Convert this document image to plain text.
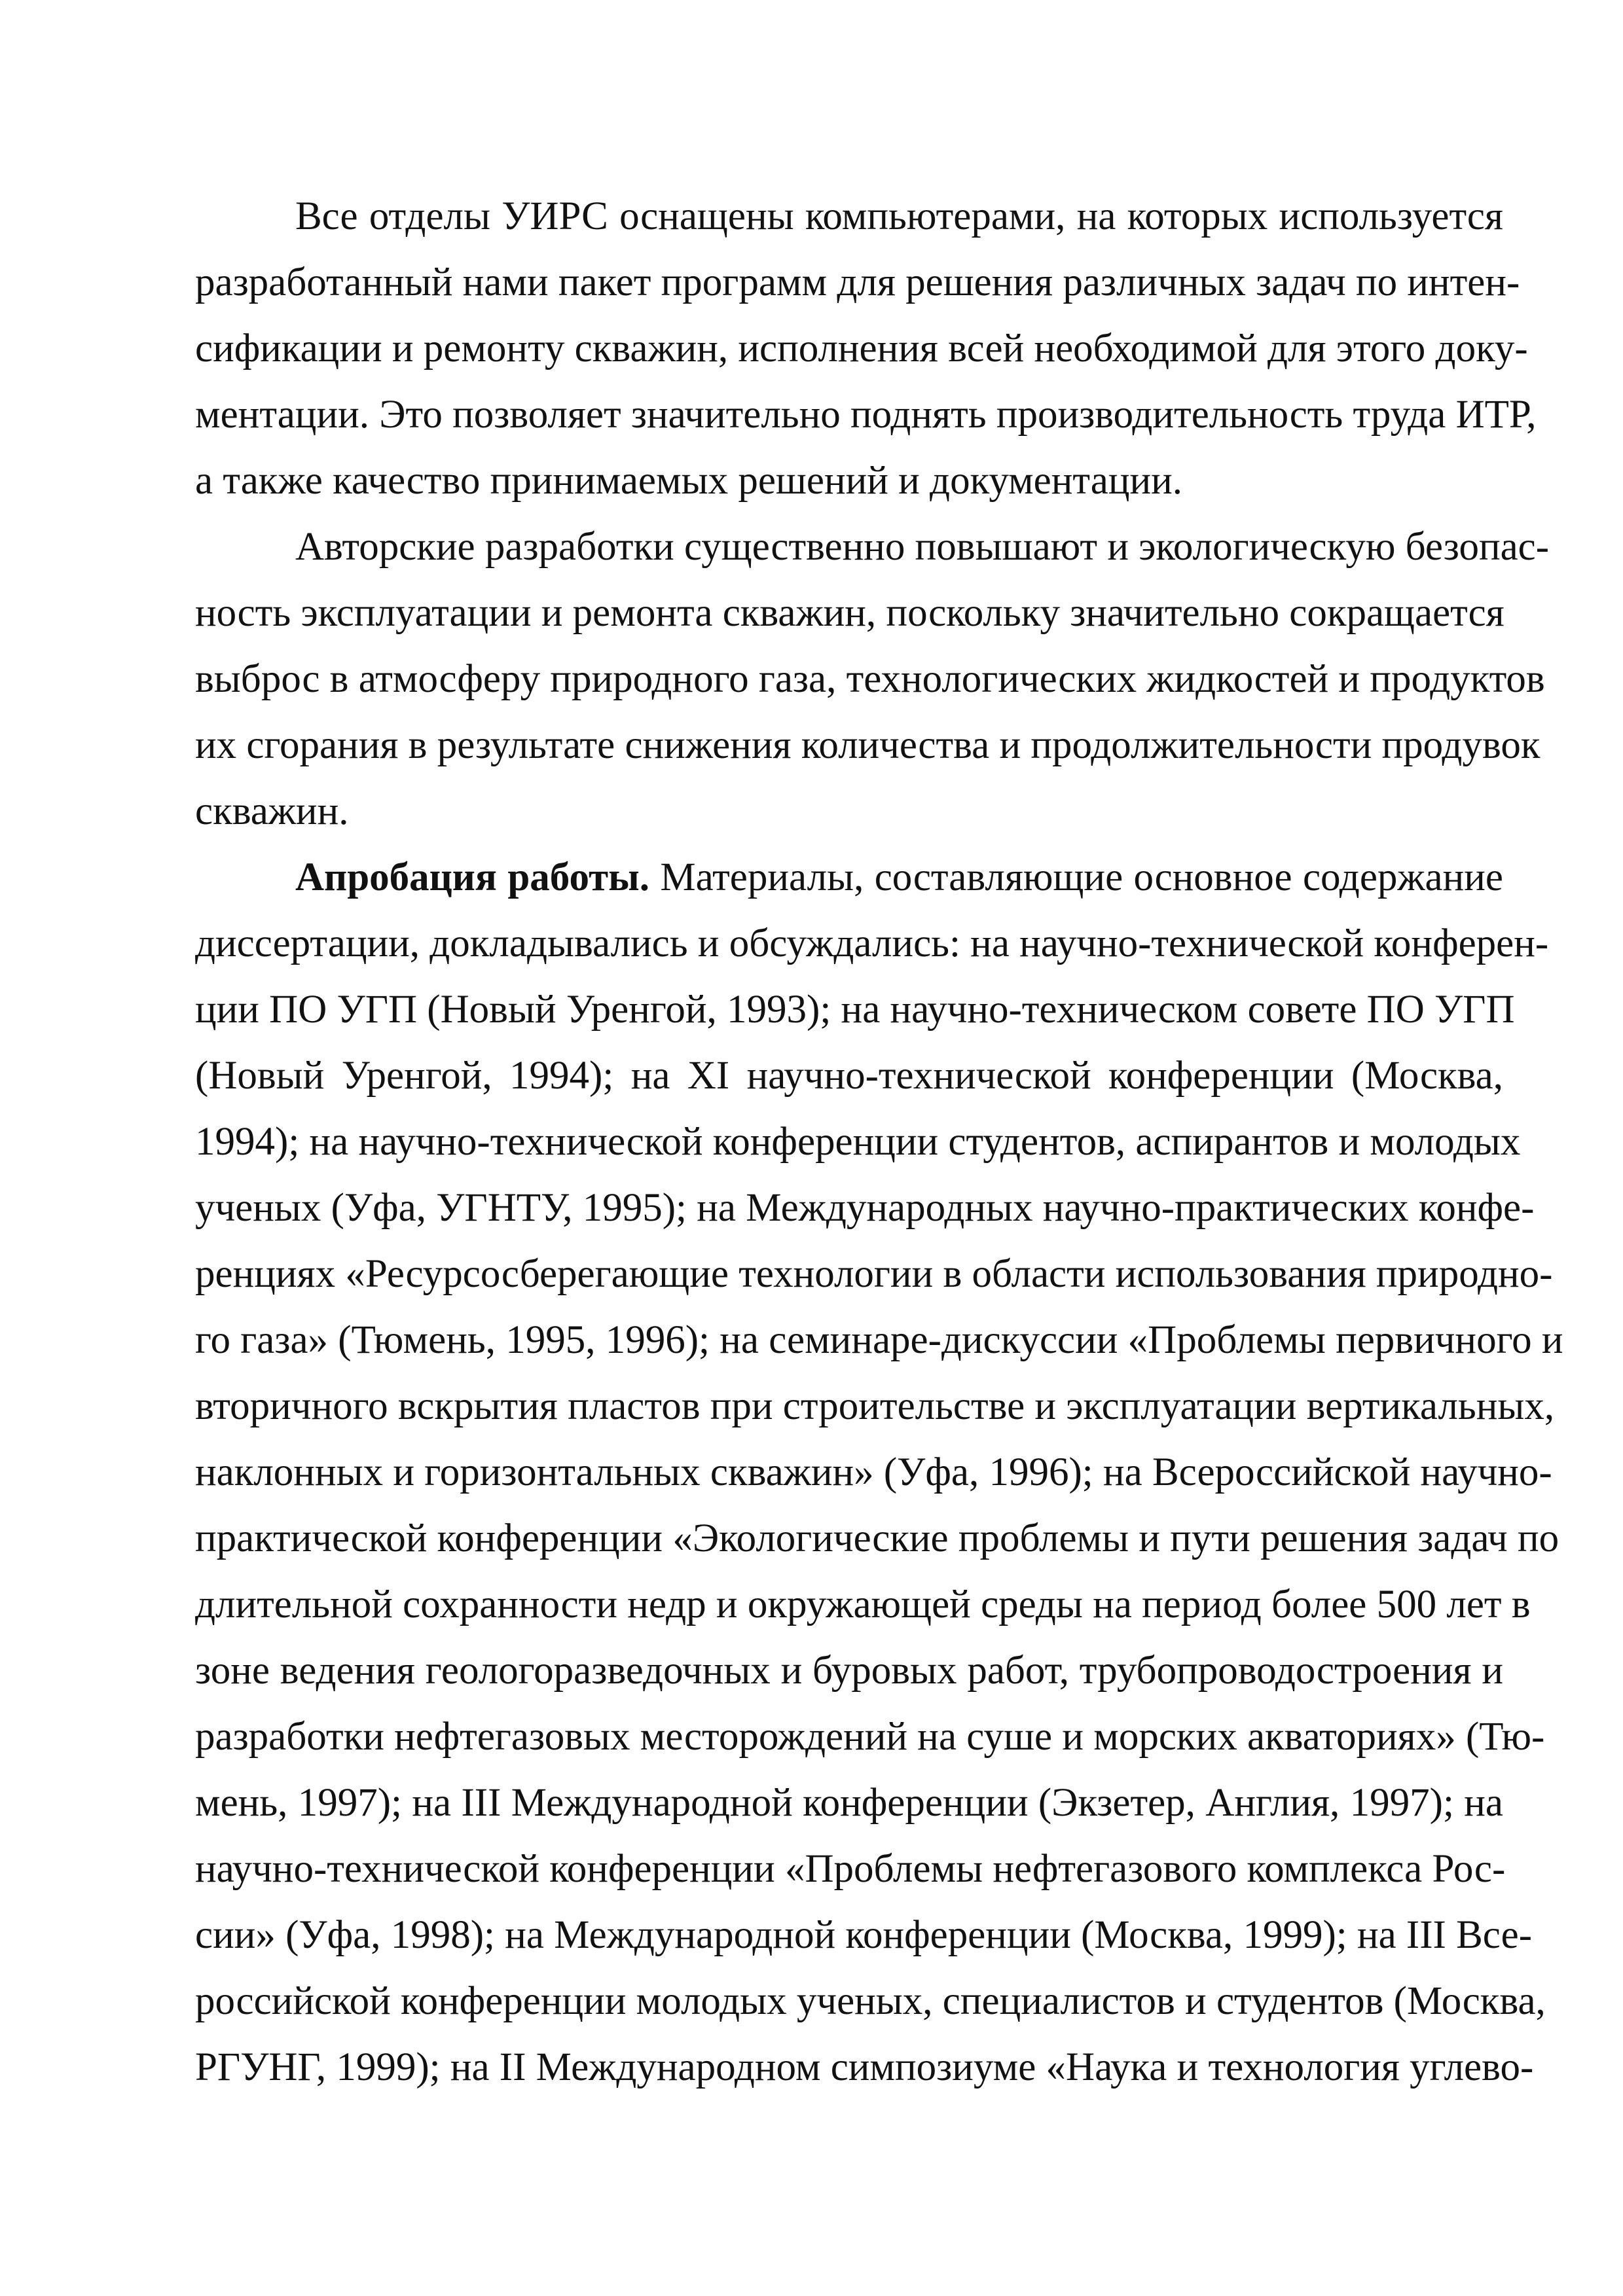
Все отделы УИРС оснащены компьютерами, на которых используется
разработанный нами пакет программ для решения различных задач по интен-
сификации и ремонту скважин, исполнения всей необходимой для этого доку-
ментации. Это позволяет значительно поднять производительность труда ИТР,
а также качество принимаемых решений и документации.
Авторские разработки существенно повышают и экологическую безопас-
ность эксплуатации и ремонта скважин, поскольку значительно сокращается
выброс в атмосферу природного газа, технологических жидкостей и продуктов
их сгорания в результате снижения количества и продолжительности продувок
скважин.
Апробация работы. Материалы, составляющие основное содержание
диссертации, докладывались и обсуждались: на научно-технической конферен-
ции ПО УГП (Новый Уренгой, 1993); на научно-техническом совете ПО УГП
(Новый Уренгой, 1994); на XI научно-технической конференции (Москва,
1994); на научно-технической конференции студентов, аспирантов и молодых
ученых (Уфа, УГНТУ, 1995); на Международных научно-практических конфе-
ренциях «Ресурсосберегающие технологии в области использования природно-
го газа» (Тюмень, 1995, 1996); на семинаре-дискуссии «Проблемы первичного и
вторичного вскрытия пластов при строительстве и эксплуатации вертикальных,
наклонных и горизонтальных скважин» (Уфа, 1996); на Всероссийской научно-
практической конференции «Экологические проблемы и пути решения задач по
длительной сохранности недр и окружающей среды на период более 500 лет в
зоне ведения геологоразведочных и буровых работ, трубопроводостроения и
разработки нефтегазовых месторождений на суше и морских акваториях» (Тю-
мень, 1997); на III Международной конференции (Экзетер, Англия, 1997); на
научно-технической конференции «Проблемы нефтегазового комплекса Рос-
сии» (Уфа, 1998); на Международной конференции (Москва, 1999); на III Все-
российской конференции молодых ученых, специалистов и студентов (Москва,
РГУНГ, 1999); на II Международном симпозиуме «Наука и технология углево-
